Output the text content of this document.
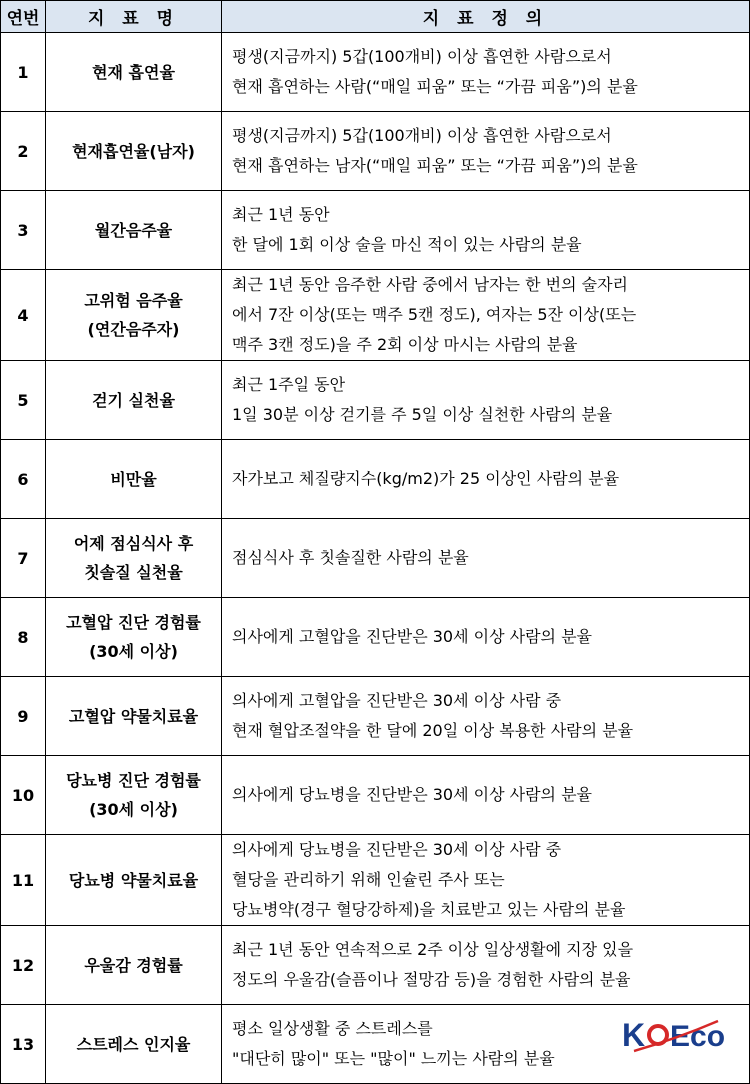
연번	지 표 명	지 표 정 의
1	현재 흡연율	평생(지금까지) 5갑(100개비) 이상 흡연한 사람으로서
현재 흡연하는 사람(“매일 피움” 또는 “가끔 피움”)의 분율

2	현재흡연율(남자)	평생(지금까지) 5갑(100개비) 이상 흡연한 사람으로서
현재 흡연하는 남자(“매일 피움” 또는 “가끔 피움”)의 분율

3	월간음주율	최근 1년 동안
한 달에 1회 이상 술을 마신 적이 있는 사람의 분율

4	고위험 음주율
(연간음주자)	최근 1년 동안 음주한 사람 중에서 남자는 한 번의 술자리
에서 7잔 이상(또는 맥주 5캔 정도), 여자는 5잔 이상(또는
맥주 3캔 정도)을 주 2회 이상 마시는 사람의 분율

5	걷기 실천율	최근 1주일 동안
1일 30분 이상 걷기를 주 5일 이상 실천한 사람의 분율

6	비만율	자가보고 체질량지수(kg/m2)가 25 이상인 사람의 분율

7	어제 점심식사 후
칫솔질 실천율	점심식사 후 칫솔질한 사람의 분율

8	고혈압 진단 경험률
(30세 이상)	의사에게 고혈압을 진단받은 30세 이상 사람의 분율

9	고혈압 약물치료율	의사에게 고혈압을 진단받은 30세 이상 사람 중
현재 혈압조절약을 한 달에 20일 이상 복용한 사람의 분율

10	당뇨병 진단 경험률
(30세 이상)	의사에게 당뇨병을 진단받은 30세 이상 사람의 분율

11	당뇨병 약물치료율	의사에게 당뇨병을 진단받은 30세 이상 사람 중
혈당을 관리하기 위해 인슐린 주사 또는
당뇨병약(경구 혈당강하제)을 치료받고 있는 사람의 분율

12	우울감 경험률	최근 1년 동안 연속적으로 2주 이상 일상생활에 지장 있을
정도의 우울감(슬픔이나 절망감 등)을 경험한 사람의 분율

13	스트레스 인지율	평소 일상생활 중 스트레스를
"대단히 많이" 또는 "많이" 느끼는 사람의 분율
K o Eco
